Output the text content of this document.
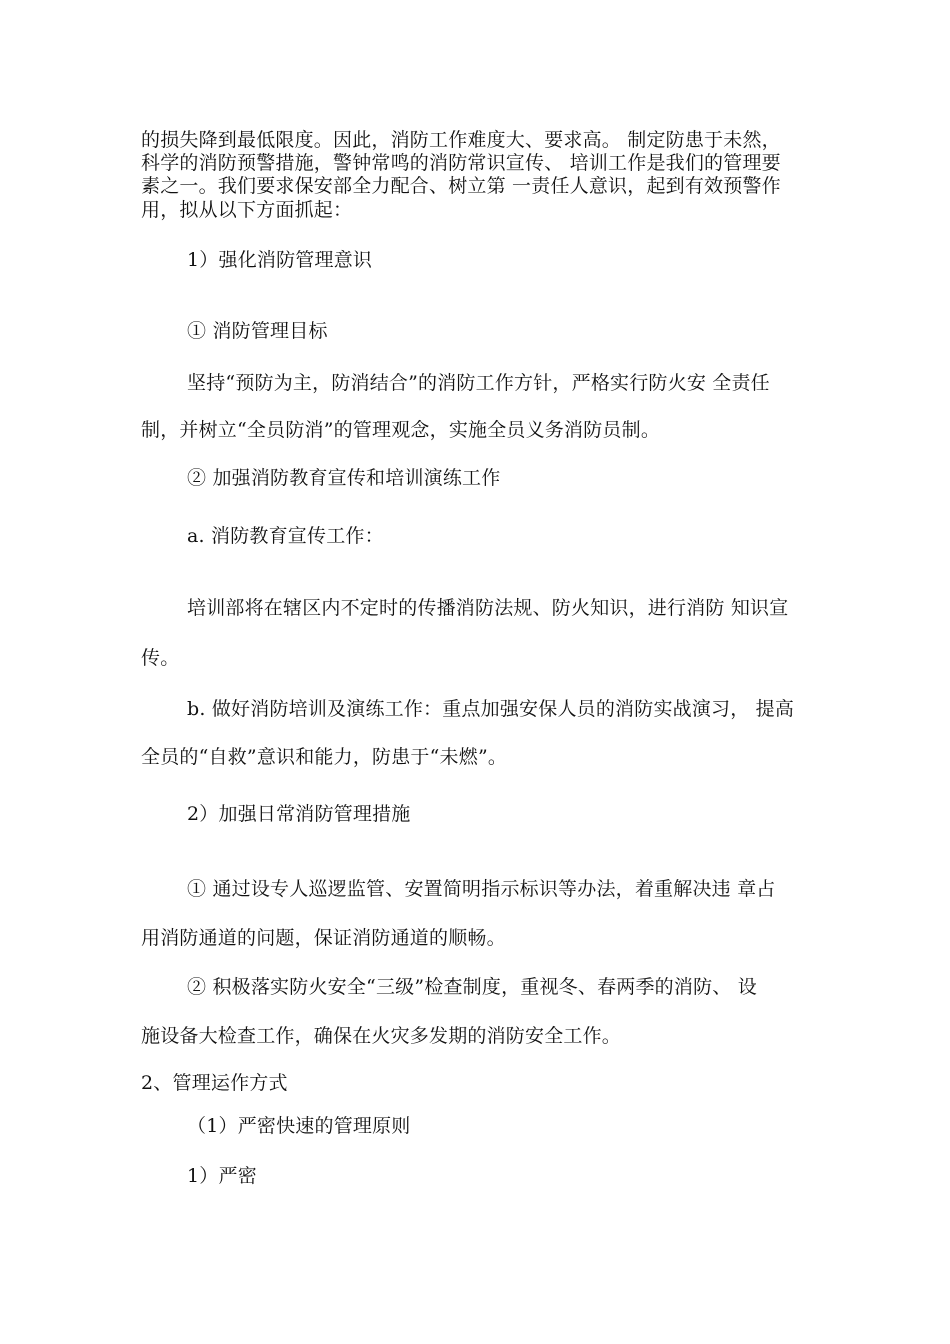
的损失降到最低限度。因此，消防工作难度大、要求高。 制定防患于未然，
科学的消防预警措施，警钟常鸣的消防常识宣传、 培训工作是我们的管理要
素之一。我们要求保安部全力配合、树立第 一责任人意识，起到有效预警作
用，拟从以下方面抓起：
1）强化消防管理意识
① 消防管理目标
坚持“预防为主，防消结合”的消防工作方针，严格实行防火安 全责任
制，并树立“全员防消”的管理观念，实施全员义务消防员制。
② 加强消防教育宣传和培训演练工作
a. 消防教育宣传工作：
培训部将在辖区内不定时的传播消防法规、防火知识，进行消防 知识宣
传。
b. 做好消防培训及演练工作：重点加强安保人员的消防实战演习， 提高
全员的“自救”意识和能力，防患于“未燃”。
2）加强日常消防管理措施
① 通过设专人巡逻监管、安置简明指示标识等办法，着重解决违 章占
用消防通道的问题，保证消防通道的顺畅。
② 积极落实防火安全“三级”检查制度，重视冬、春两季的消防、 设
施设备大检查工作，确保在火灾多发期的消防安全工作。
2、管理运作方式
（1）严密快速的管理原则
1）严密
